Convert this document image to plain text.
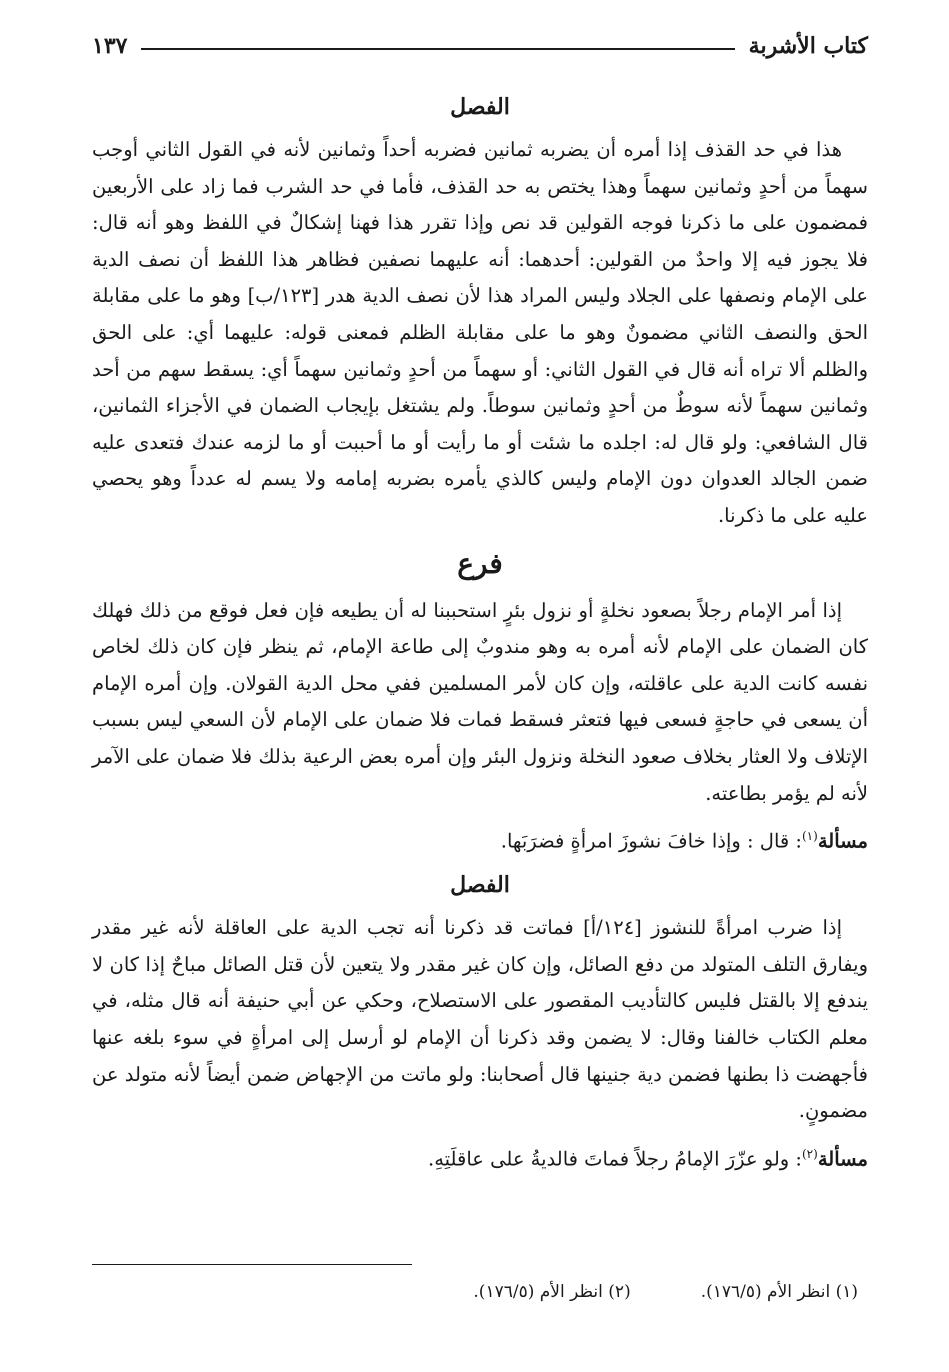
كتاب الأشربة
١٣٧
الفصل

هذا في حد القذف إذا أمره أن يضربه ثمانين فضربه أحداً وثمانين لأنه في القول الثاني أوجب سهماً من أحدٍ وثمانين سهماً وهذا يختص به حد القذف، فأما في حد الشرب فما زاد على الأربعين فمضمون على ما ذكرنا فوجه القولين قد نص وإذا تقرر هذا فهنا إشكالٌ في اللفظ وهو أنه قال: فلا يجوز فيه إلا واحدٌ من القولين: أحدهما: أنه عليهما نصفين فظاهر هذا اللفظ أن نصف الدية على الإمام ونصفها على الجلاد وليس المراد هذا لأن نصف الدية هدر [١٢٣/ب] وهو ما على مقابلة الحق والنصف الثاني مضمونٌ وهو ما على مقابلة الظلم فمعنى قوله: عليهما أي: على الحق والظلم ألا تراه أنه قال في القول الثاني: أو سهماً من أحدٍ وثمانين سهماً أي: يسقط سهم من أحد وثمانين سهماً لأنه سوطٌ من أحدٍ وثمانين سوطاً. ولم يشتغل بإيجاب الضمان في الأجزاء الثمانين، قال الشافعي: ولو قال له: اجلده ما شئت أو ما رأيت أو ما أحببت أو ما لزمه عندك فتعدى عليه ضمن الجالد العدوان دون الإمام وليس كالذي يأمره بضربه إمامه ولا يسم له عدداً وهو يحصي عليه على ما ذكرنا.

فرع

إذا أمر الإمام رجلاً بصعود نخلةٍ أو نزول بئرٍ استحببنا له أن يطيعه فإن فعل فوقع من ذلك فهلك كان الضمان على الإمام لأنه أمره به وهو مندوبٌ إلى طاعة الإمام، ثم ينظر فإن كان ذلك لخاص نفسه كانت الدية على عاقلته، وإن كان لأمر المسلمين ففي محل الدية القولان. وإن أمره الإمام أن يسعى في حاجةٍ فسعى فيها فتعثر فسقط فمات فلا ضمان على الإمام لأن السعي ليس بسبب الإتلاف ولا العثار بخلاف صعود النخلة ونزول البئر وإن أمره بعض الرعية بذلك فلا ضمان على الآمر لأنه لم يؤمر بطاعته.

مسألة$^{(١)}$: قال : وإذا خافَ نشوزَ امرأةٍ فضرَبَها.

الفصل

إذا ضرب امرأةً للنشوز [١٢٤/أ] فماتت قد ذكرنا أنه تجب الدية على العاقلة لأنه غير مقدر ويفارق التلف المتولد من دفع الصائل، وإن كان غير مقدر ولا يتعين لأن قتل الصائل مباحٌ إذا كان لا يندفع إلا بالقتل فليس كالتأديب المقصور على الاستصلاح، وحكي عن أبي حنيفة أنه قال مثله، في معلم الكتاب خالفنا وقال: لا يضمن وقد ذكرنا أن الإمام لو أرسل إلى امرأةٍ في سوء بلغه عنها فأجهضت ذا بطنها فضمن دية جنينها قال أصحابنا: ولو ماتت من الإجهاض ضمن أيضاً لأنه متولد عن مضمونٍ.

مسألة$^{(٢)}$: ولو عزّرَ الإمامُ رجلاً فماتَ فالديةُ على عاقلَتِهِ.

(١) انظر الأم (١٧٦/٥).
(٢) انظر الأم (١٧٦/٥).
